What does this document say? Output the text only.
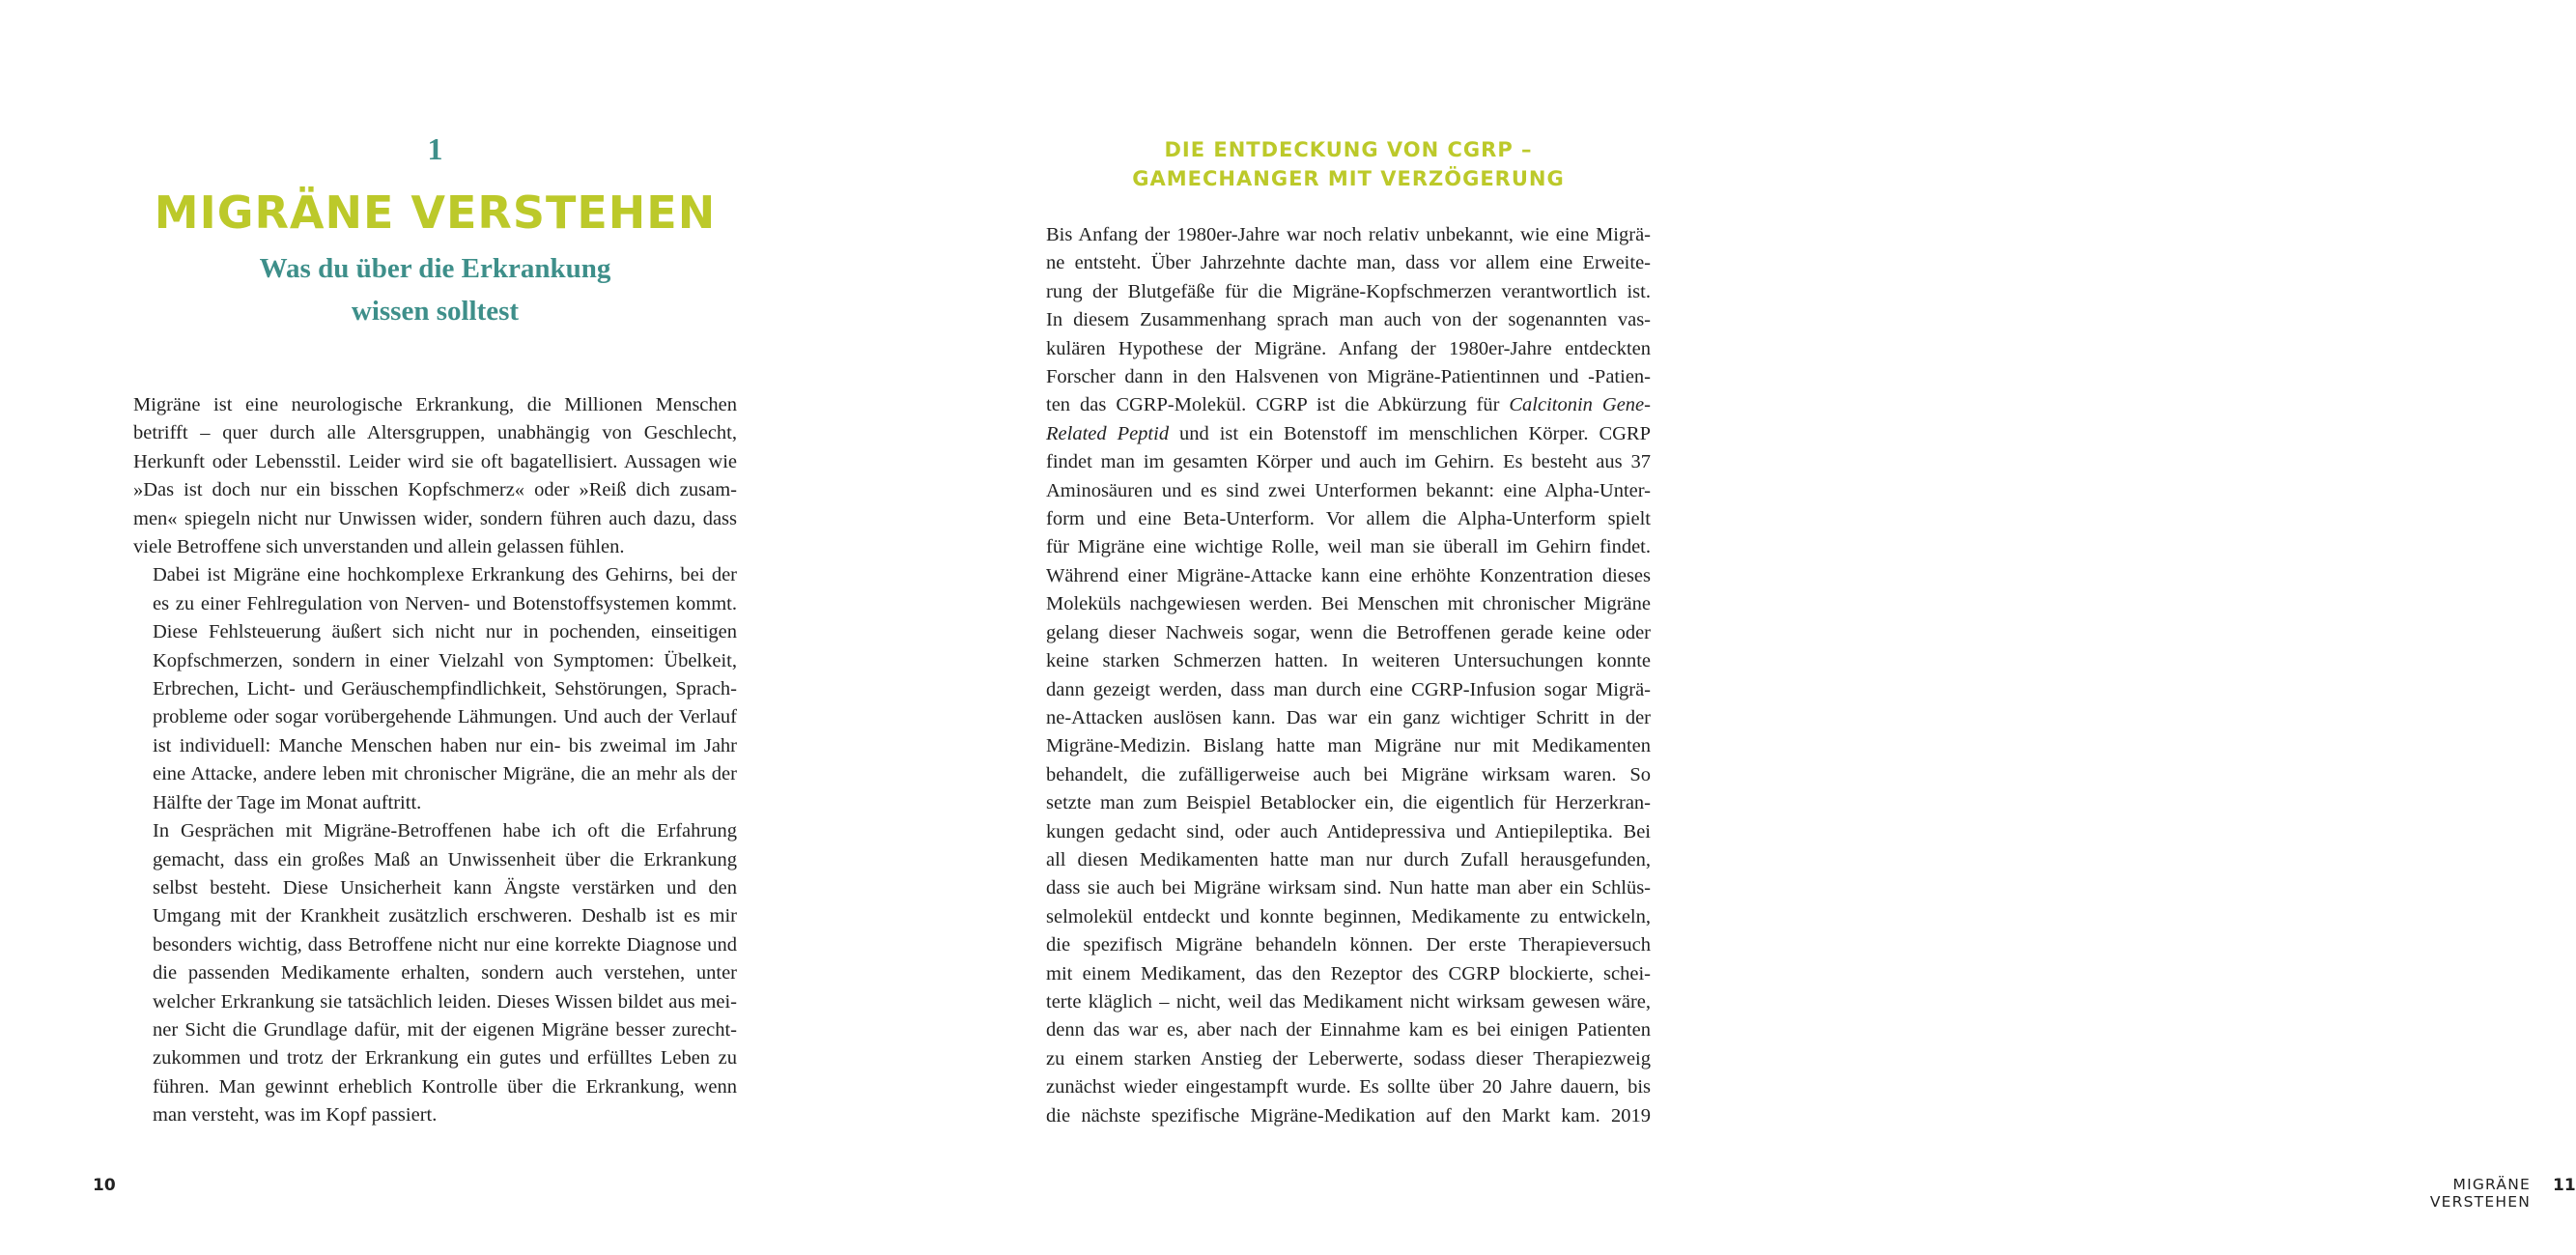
1
MIGRÄNE VERSTEHEN
Was du über die Erkrankung
wissen solltest

Migräne ist eine neurologische Erkrankung, die Millionen Menschen
betrifft – quer durch alle Altersgruppen, unabhängig von Geschlecht,
Herkunft oder Lebensstil. Leider wird sie oft bagatellisiert. Aussagen wie
»Das ist doch nur ein bisschen Kopfschmerz« oder »Reiß dich zusam-
men« spiegeln nicht nur Unwissen wider, sondern führen auch dazu, dass
viele Betroffene sich unverstanden und allein gelassen fühlen.

Dabei ist Migräne eine hochkomplexe Erkrankung des Gehirns, bei der
es zu einer Fehlregulation von Nerven- und Botenstoffsystemen kommt.
Diese Fehlsteuerung äußert sich nicht nur in pochenden, einseitigen
Kopfschmerzen, sondern in einer Vielzahl von Symptomen: Übelkeit,
Erbrechen, Licht- und Geräuschempfindlichkeit, Sehstörungen, Sprach-
probleme oder sogar vorübergehende Lähmungen. Und auch der Verlauf
ist individuell: Manche Menschen haben nur ein- bis zweimal im Jahr
eine Attacke, andere leben mit chronischer Migräne, die an mehr als der
Hälfte der Tage im Monat auftritt.

In Gesprächen mit Migräne-Betroffenen habe ich oft die Erfahrung
gemacht, dass ein großes Maß an Unwissenheit über die Erkrankung
selbst besteht. Diese Unsicherheit kann Ängste verstärken und den
Umgang mit der Krankheit zusätzlich erschweren. Deshalb ist es mir
besonders wichtig, dass Betroffene nicht nur eine korrekte Diagnose und
die passenden Medikamente erhalten, sondern auch verstehen, unter
welcher Erkrankung sie tatsächlich leiden. Dieses Wissen bildet aus mei-
ner Sicht die Grundlage dafür, mit der eigenen Migräne besser zurecht-
zukommen und trotz der Erkrankung ein gutes und erfülltes Leben zu
führen. Man gewinnt erheblich Kontrolle über die Erkrankung, wenn
man versteht, was im Kopf passiert.

10
DIE ENTDECKUNG VON CGRP –
GAMECHANGER MIT VERZÖGERUNG

Bis Anfang der 1980er-Jahre war noch relativ unbekannt, wie eine Migrä-
ne entsteht. Über Jahrzehnte dachte man, dass vor allem eine Erweite-
rung der Blutgefäße für die Migräne-Kopfschmerzen verantwortlich ist.
In diesem Zusammenhang sprach man auch von der sogenannten vas-
kulären Hypothese der Migräne. Anfang der 1980er-Jahre entdeckten
Forscher dann in den Halsvenen von Migräne-Patientinnen und -Patien-
ten das CGRP-Molekül. CGRP ist die Abkürzung für Calcitonin Gene-
Related Peptid und ist ein Botenstoff im menschlichen Körper. CGRP
findet man im gesamten Körper und auch im Gehirn. Es besteht aus 37
Aminosäuren und es sind zwei Unterformen bekannt: eine Alpha-Unter-
form und eine Beta-Unterform. Vor allem die Alpha-Unterform spielt
für Migräne eine wichtige Rolle, weil man sie überall im Gehirn findet.
Während einer Migräne-Attacke kann eine erhöhte Konzentration dieses
Moleküls nachgewiesen werden. Bei Menschen mit chronischer Migräne
gelang dieser Nachweis sogar, wenn die Betroffenen gerade keine oder
keine starken Schmerzen hatten. In weiteren Untersuchungen konnte
dann gezeigt werden, dass man durch eine CGRP-Infusion sogar Migrä-
ne-Attacken auslösen kann. Das war ein ganz wichtiger Schritt in der
Migräne-Medizin. Bislang hatte man Migräne nur mit Medikamenten
behandelt, die zufälligerweise auch bei Migräne wirksam waren. So
setzte man zum Beispiel Betablocker ein, die eigentlich für Herzerkran-
kungen gedacht sind, oder auch Antidepressiva und Antiepileptika. Bei
all diesen Medikamenten hatte man nur durch Zufall herausgefunden,
dass sie auch bei Migräne wirksam sind. Nun hatte man aber ein Schlüs-
selmolekül entdeckt und konnte beginnen, Medikamente zu entwickeln,
die spezifisch Migräne behandeln können. Der erste Therapieversuch
mit einem Medikament, das den Rezeptor des CGRP blockierte, schei-
terte kläglich – nicht, weil das Medikament nicht wirksam gewesen wäre,
denn das war es, aber nach der Einnahme kam es bei einigen Patienten
zu einem starken Anstieg der Leberwerte, sodass dieser Therapiezweig
zunächst wieder eingestampft wurde. Es sollte über 20 Jahre dauern, bis
die nächste spezifische Migräne-Medikation auf den Markt kam. 2019

MIGRÄNE VERSTEHEN
11
